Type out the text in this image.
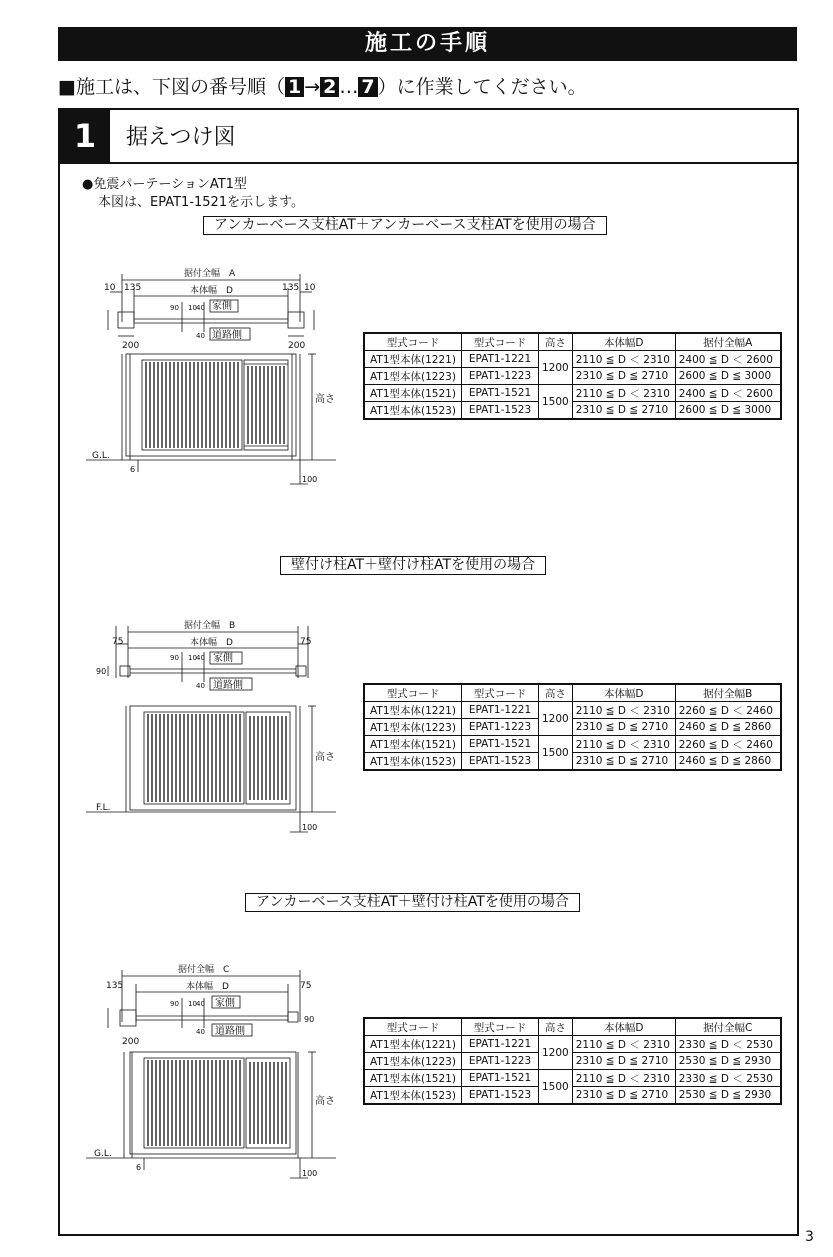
施工の手順
■施工は、下図の番号順（ 1 → 2 … 7 ）に作業してください。
1	据えつけ図
●免震パーテーションAT1型
本図は、EPAT1-1521を示します。
アンカーベース支柱AT＋アンカーベース支柱ATを使用の場合
壁付け柱AT＋壁付け柱ATを使用の場合
アンカーベース支柱AT＋壁付け柱ATを使用の場合
型式コード	型式コード	高さ	本体幅D	据付全幅A
AT1型本体(1221)	EPAT1-1221	1200	2110 ≦ D ＜ 2310	2400 ≦ D ＜ 2600
AT1型本体(1223)	EPAT1-1223		2310 ≦ D ≦ 2710	2600 ≦ D ≦ 3000
AT1型本体(1521)	EPAT1-1521	1500	2110 ≦ D ＜ 2310	2400 ≦ D ＜ 2600
AT1型本体(1523)	EPAT1-1523		2310 ≦ D ≦ 2710	2600 ≦ D ≦ 3000
型式コード	型式コード	高さ	本体幅D	据付全幅B
AT1型本体(1221)	EPAT1-1221	1200	2110 ≦ D ＜ 2310	2260 ≦ D ＜ 2460
AT1型本体(1223)	EPAT1-1223		2310 ≦ D ≦ 2710	2460 ≦ D ≦ 2860
AT1型本体(1521)	EPAT1-1521	1500	2110 ≦ D ＜ 2310	2260 ≦ D ＜ 2460
AT1型本体(1523)	EPAT1-1523		2310 ≦ D ≦ 2710	2460 ≦ D ≦ 2860
型式コード	型式コード	高さ	本体幅D	据付全幅C
AT1型本体(1221)	EPAT1-1221	1200	2110 ≦ D ＜ 2310	2330 ≦ D ＜ 2530
AT1型本体(1223)	EPAT1-1223		2310 ≦ D ≦ 2710	2530 ≦ D ≦ 2930
AT1型本体(1521)	EPAT1-1521	1500	2110 ≦ D ＜ 2310	2330 ≦ D ＜ 2530
AT1型本体(1523)	EPAT1-1523		2310 ≦ D ≦ 2710	2530 ≦ D ≦ 2930
据付全幅　A
本体幅　D
10 135	135 10
家側
道路側
90 10 40
40
200	200
G.L.
6
100
高さ
据付全幅　B
本体幅　D
75	75
家側
道路側
90 10 40
40
90
F.L.
100
高さ
据付全幅　C
本体幅　D
135	75
家側
道路側
90 10 40
40
200
90
G.L.
6
100
高さ
3
